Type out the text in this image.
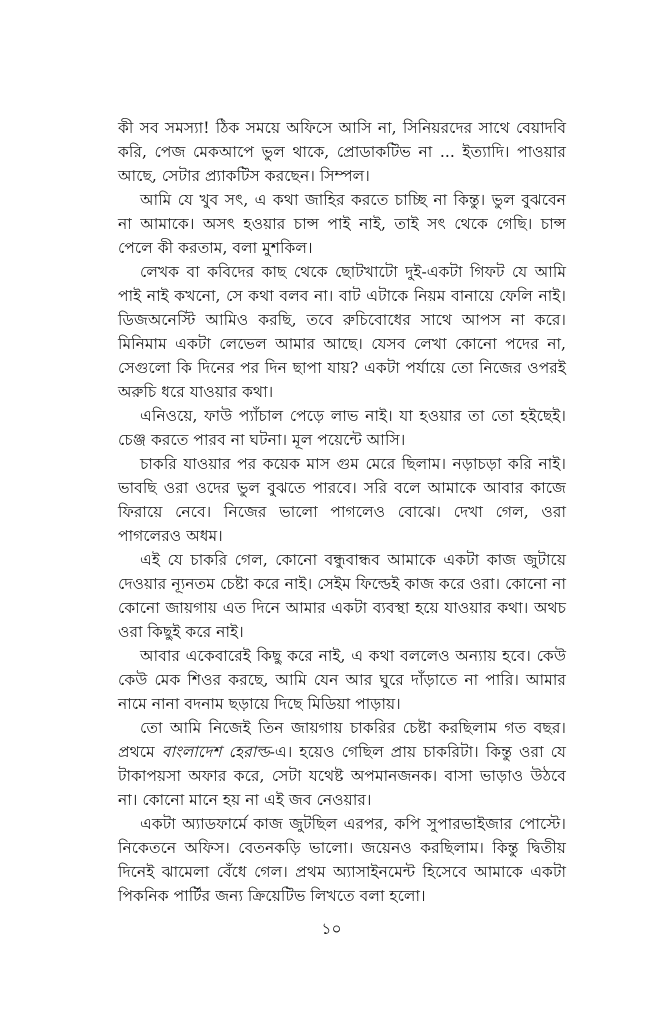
কী সব সমস্যা! ঠিক সময়ে অফিসে আসি না, সিনিয়রদের সাথে বেয়াদবি করি, পেজ মেকআপে ভুল থাকে, প্রোডাকটিভ না ... ইত্যাদি। পাওয়ার আছে, সেটার প্র্যাকটিস করছেন। সিম্পল।

আমি যে খুব সৎ, এ কথা জাহির করতে চাচ্ছি না কিন্তু। ভুল বুঝবেন না আমাকে। অসৎ হওয়ার চান্স পাই নাই, তাই সৎ থেকে গেছি। চান্স পেলে কী করতাম, বলা মুশকিল।

লেখক বা কবিদের কাছ থেকে ছোটখাটো দুই-একটা গিফট যে আমি পাই নাই কখনো, সে কথা বলব না। বাট এটাকে নিয়ম বানায়ে ফেলি নাই। ডিজঅনেস্টি আমিও করছি, তবে রুচিবোধের সাথে আপস না করে। মিনিমাম একটা লেভেল আমার আছে। যেসব লেখা কোনো পদের না, সেগুলো কি দিনের পর দিন ছাপা যায়? একটা পর্যায়ে তো নিজের ওপরই অরুচি ধরে যাওয়ার কথা।

এনিওয়ে, ফাউ প্যাঁচাল পেড়ে লাভ নাই। যা হওয়ার তা তো হইছেই। চেঞ্জ করতে পারব না ঘটনা। মূল পয়েন্টে আসি।

চাকরি যাওয়ার পর কয়েক মাস গুম মেরে ছিলাম। নড়াচড়া করি নাই। ভাবছি ওরা ওদের ভুল বুঝতে পারবে। সরি বলে আমাকে আবার কাজে ফিরায়ে নেবে। নিজের ভালো পাগলেও বোঝে। দেখা গেল, ওরা পাগলেরও অধম।

এই যে চাকরি গেল, কোনো বন্ধুবান্ধব আমাকে একটা কাজ জুটায়ে দেওয়ার ন্যূনতম চেষ্টা করে নাই। সেইম ফিল্ডেই কাজ করে ওরা। কোনো না কোনো জায়গায় এত দিনে আমার একটা ব্যবস্থা হয়ে যাওয়ার কথা। অথচ ওরা কিছুই করে নাই।

আবার একেবারেই কিছু করে নাই, এ কথা বললেও অন্যায় হবে। কেউ কেউ মেক শিওর করছে, আমি যেন আর ঘুরে দাঁড়াতে না পারি। আমার নামে নানা বদনাম ছড়ায়ে দিছে মিডিয়া পাড়ায়।

তো আমি নিজেই তিন জায়গায় চাকরির চেষ্টা করছিলাম গত বছর। প্রথমে বাংলাদেশ হেরাল্ড-এ। হয়েও গেছিল প্রায় চাকরিটা। কিন্তু ওরা যে টাকাপয়সা অফার করে, সেটা যথেষ্ট অপমানজনক। বাসা ভাড়াও উঠবে না। কোনো মানে হয় না এই জব নেওয়ার।

একটা অ্যাডফার্মে কাজ জুটছিল এরপর, কপি সুপারভাইজার পোস্টে। নিকেতনে অফিস। বেতনকড়ি ভালো। জয়েনও করছিলাম। কিন্তু দ্বিতীয় দিনেই ঝামেলা বেঁধে গেল। প্রথম অ্যাসাইনমেন্ট হিসেবে আমাকে একটা পিকনিক পার্টির জন্য ক্রিয়েটিভ লিখতে বলা হলো।

১০
